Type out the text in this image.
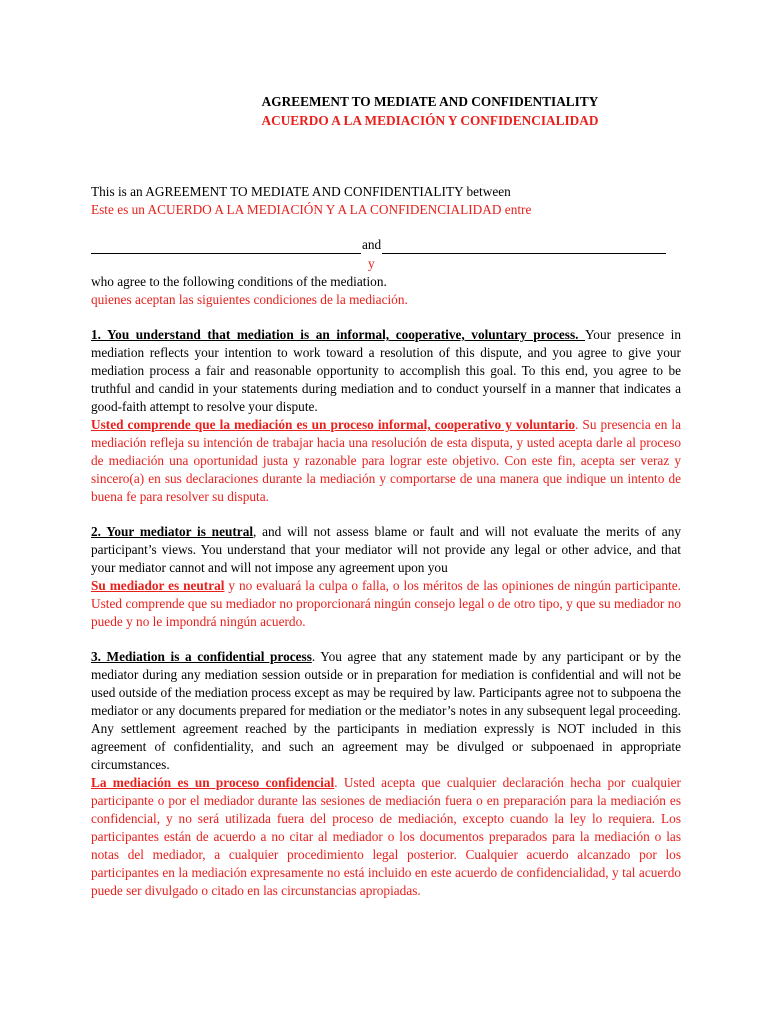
AGREEMENT TO MEDIATE AND CONFIDENTIALITY
ACUERDO A LA MEDIACIÓN Y CONFIDENCIALIDAD

This is an AGREEMENT TO MEDIATE AND CONFIDENTIALITY between

Este es un ACUERDO A LA MEDIACIÓN Y A LA CONFIDENCIALIDAD entre

and
y

who agree to the following conditions of the mediation.

quienes aceptan las siguientes condiciones de la mediación.

1. You understand that mediation is an informal, cooperative, voluntary process. Your presence in mediation reflects your intention to work toward a resolution of this dispute, and you agree to give your mediation process a fair and reasonable opportunity to accomplish this goal. To this end, you agree to be truthful and candid in your statements during mediation and to conduct yourself in a manner that indicates a good-faith attempt to resolve your dispute.

Usted comprende que la mediación es un proceso informal, cooperativo y voluntario. Su presencia en la mediación refleja su intención de trabajar hacia una resolución de esta disputa, y usted acepta darle al proceso de mediación una oportunidad justa y razonable para lograr este objetivo. Con este fin, acepta ser veraz y sincero(a) en sus declaraciones durante la mediación y comportarse de una manera que indique un intento de buena fe para resolver su disputa.

2. Your mediator is neutral, and will not assess blame or fault and will not evaluate the merits of any participant’s views. You understand that your mediator will not provide any legal or other advice, and that your mediator cannot and will not impose any agreement upon you

Su mediador es neutral y no evaluará la culpa o falla, o los méritos de las opiniones de ningún participante. Usted comprende que su mediador no proporcionará ningún consejo legal o de otro tipo, y que su mediador no puede y no le impondrá ningún acuerdo.

3. Mediation is a confidential process. You agree that any statement made by any participant or by the mediator during any mediation session outside or in preparation for mediation is confidential and will not be used outside of the mediation process except as may be required by law. Participants agree not to subpoena the mediator or any documents prepared for mediation or the mediator’s notes in any subsequent legal proceeding. Any settlement agreement reached by the participants in mediation expressly is NOT included in this agreement of confidentiality, and such an agreement may be divulged or subpoenaed in appropriate circumstances.

La mediación es un proceso confidencial. Usted acepta que cualquier declaración hecha por cualquier participante o por el mediador durante las sesiones de mediación fuera o en preparación para la mediación es confidencial, y no será utilizada fuera del proceso de mediación, excepto cuando la ley lo requiera. Los participantes están de acuerdo a no citar al mediador o los documentos preparados para la mediación o las notas del mediador, a cualquier procedimiento legal posterior. Cualquier acuerdo alcanzado por los participantes en la mediación expresamente no está incluido en este acuerdo de confidencialidad, y tal acuerdo puede ser divulgado o citado en las circunstancias apropiadas.
